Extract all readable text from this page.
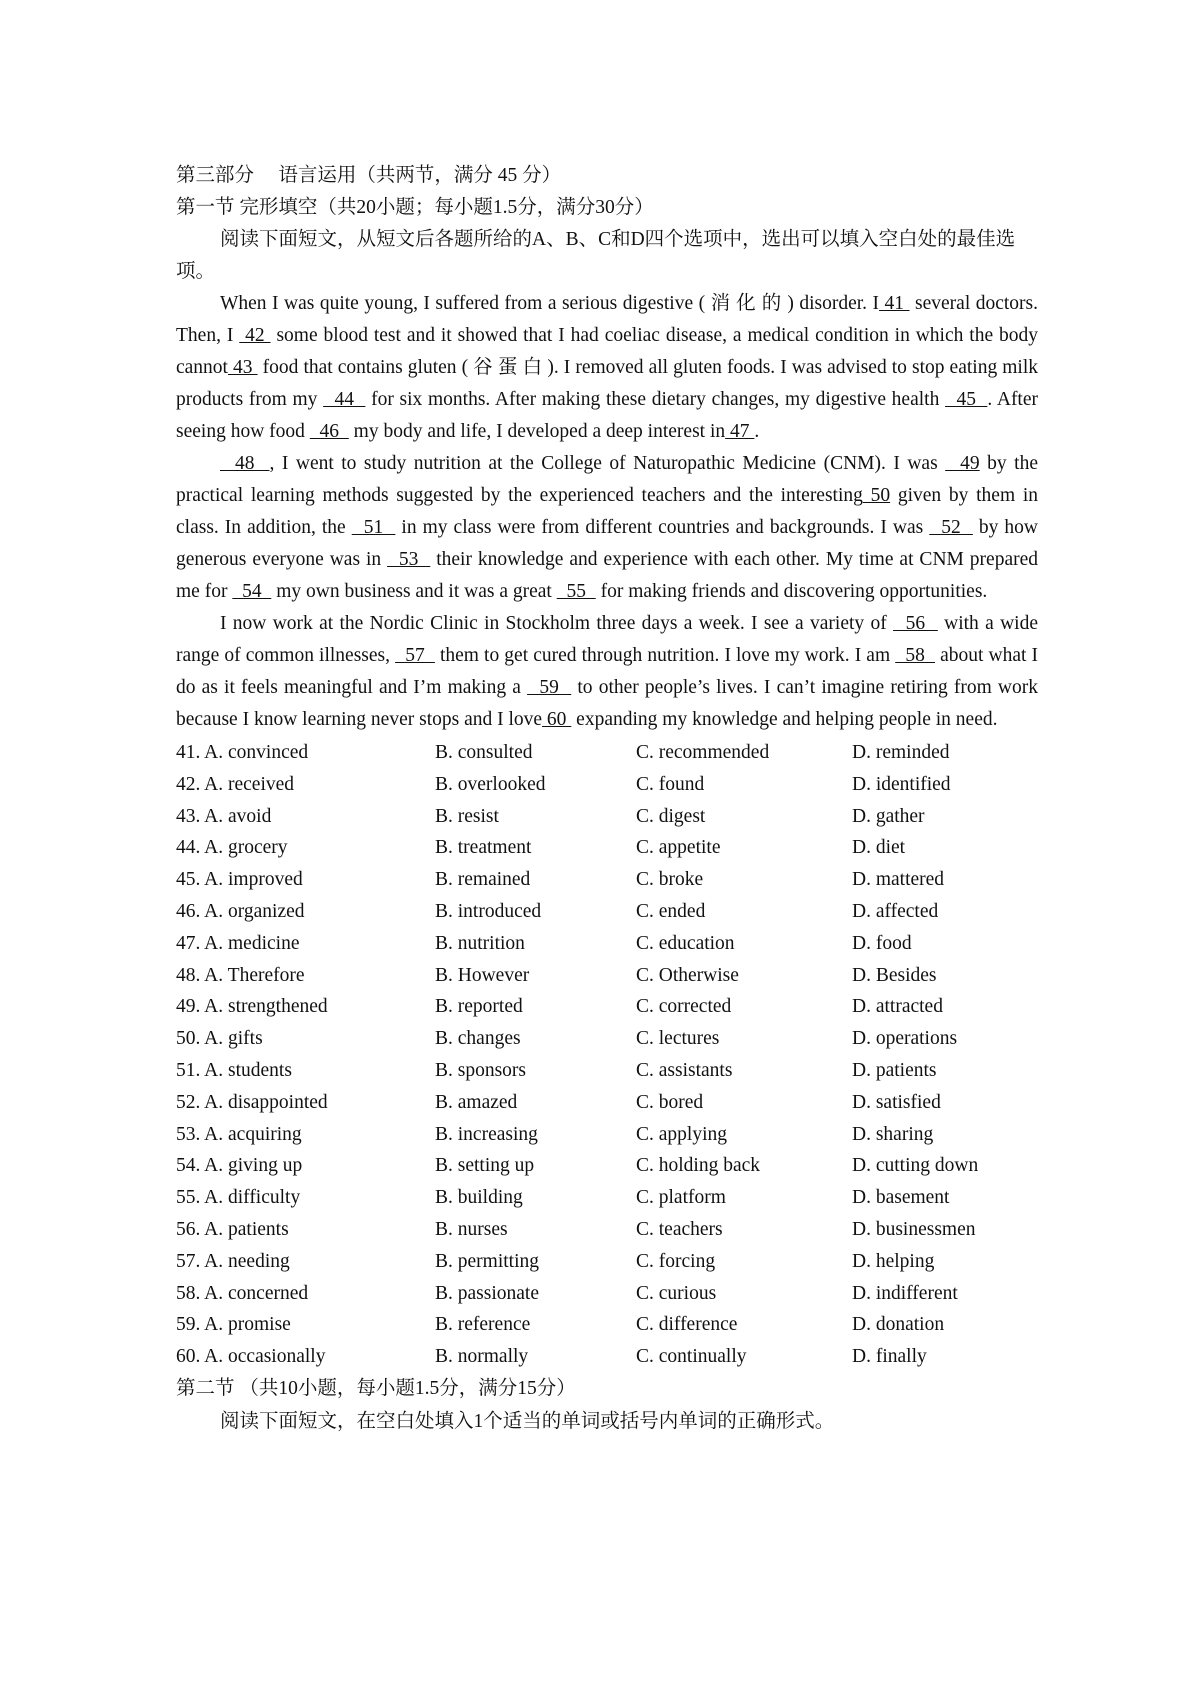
第三部分　 语言运用（共两节，满分 45 分）
第一节 完形填空（共20小题；每小题1.5分，满分30分）
阅读下面短文，从短文后各题所给的A、B、C和D四个选项中，选出可以填入空白处的最佳选项。
When I was quite young, I suffered from a serious digestive ( 消 化 的 ) disorder. I 41  several doctors. Then, I  42  some blood test and it showed that I had coeliac disease, a medical condition in which the body cannot 43  food that contains gluten ( 谷 蛋 白 ). I removed all gluten foods. I was advised to stop eating milk products from my   44   for six months. After making these dietary changes, my digestive health   45  . After seeing how food   46   my body and life, I developed a deep interest in 47 .
48  , I went to study nutrition at the College of Naturopathic Medicine (CNM). I was   49 by the practical learning methods suggested by the experienced teachers and the interesting 50 given by them in class. In addition, the   51   in my class were from different countries and backgrounds. I was   52   by how generous everyone was in   53   their knowledge and experience with each other. My time at CNM prepared me for   54   my own business and it was a great   55   for making friends and discovering opportunities.
I now work at the Nordic Clinic in Stockholm three days a week. I see a variety of   56   with a wide range of common illnesses,   57   them to get cured through nutrition. I love my work. I am   58   about what I do as it feels meaningful and I’m making a   59   to other people’s lives. I can’t imagine retiring from work because I know learning never stops and I love 60  expanding my knowledge and helping people in need.
41. A. convinced	B. consulted	C. recommended	D. reminded
42. A. received	B. overlooked	C. found	D. identified
43. A. avoid	B. resist	C. digest	D. gather
44. A. grocery	B. treatment	C. appetite	D. diet
45. A. improved	B. remained	C. broke	D. mattered
46. A. organized	B. introduced	C. ended	D. affected
47. A. medicine	B. nutrition	C. education	D. food
48. A. Therefore	B. However	C. Otherwise	D. Besides
49. A. strengthened	B. reported	C. corrected	D. attracted
50. A. gifts	B. changes	C. lectures	D. operations
51. A. students	B. sponsors	C. assistants	D. patients
52. A. disappointed	B. amazed	C. bored	D. satisfied
53. A. acquiring	B. increasing	C. applying	D. sharing
54. A. giving up	B. setting up	C. holding back	D. cutting down
55. A. difficulty	B. building	C. platform	D. basement
56. A. patients	B. nurses	C. teachers	D. businessmen
57. A. needing	B. permitting	C. forcing	D. helping
58. A. concerned	B. passionate	C. curious	D. indifferent
59. A. promise	B. reference	C. difference	D. donation
60. A. occasionally	B. normally	C. continually	D. finally
第二节 （共10小题，每小题1.5分，满分15分）
阅读下面短文，在空白处填入1个适当的单词或括号内单词的正确形式。
